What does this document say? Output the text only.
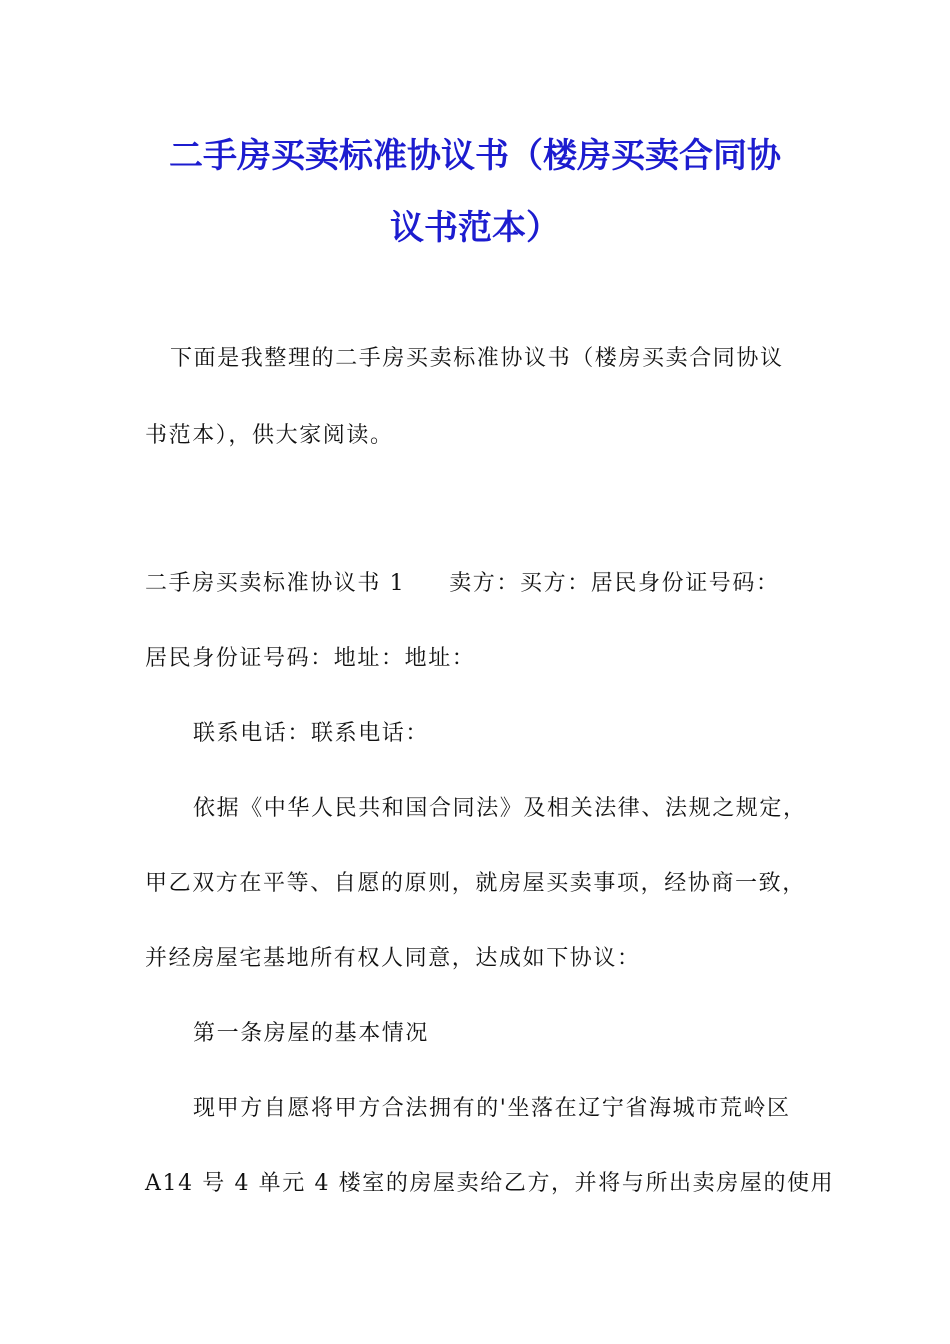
二手房买卖标准协议书（楼房买卖合同协
议书范本）

下面是我整理的二手房买卖标准协议书（楼房买卖合同协议

书范本），供大家阅读。

二手房买卖标准协议书 1 卖方：买方：居民身份证号码：

居民身份证号码：地址：地址：

联系电话：联系电话：

依据《中华人民共和国合同法》及相关法律、法规之规定，

甲乙双方在平等、自愿的原则，就房屋买卖事项，经协商一致，

并经房屋宅基地所有权人同意，达成如下协议：

第一条房屋的基本情况

现甲方自愿将甲方合法拥有的'坐落在辽宁省海城市荒岭区

A14 号 4 单元 4 楼室的房屋卖给乙方，并将与所出卖房屋的使用
